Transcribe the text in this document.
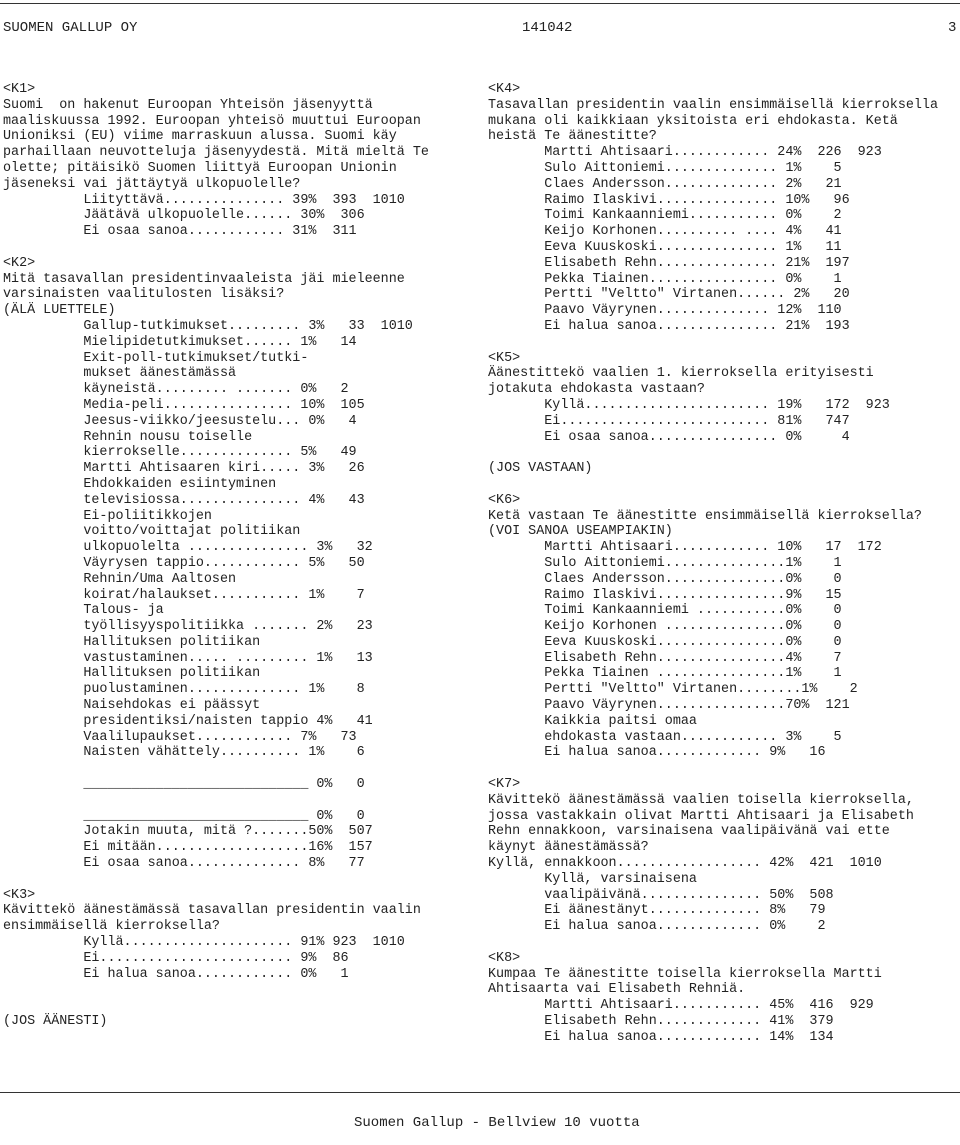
SUOMEN GALLUP OY	141042	3
<K1>
Suomi  on hakenut Euroopan Yhteisön jäsenyyttä
maaliskuussa 1992. Euroopan yhteisö muuttui Euroopan
Unioniksi (EU) viime marraskuun alussa. Suomi käy
parhaillaan neuvotteluja jäsenyydestä. Mitä mieltä Te
olette; pitäisikö Suomen liittyä Euroopan Unionin
jäseneksi vai jättäytyä ulkopuolelle?
Liityttävä............... 39%  393  1010
Jäätävä ulkopuolelle...... 30%  306
Ei osaa sanoa............ 31%  311
<K2>
Mitä tasavallan presidentinvaaleista jäi mieleenne
varsinaisten vaalitulosten lisäksi?
(ÄLÄ LUETTELE)
Gallup-tutkimukset......... 3%   33  1010
Mielipidetutkimukset...... 1%   14
Exit-poll-tutkimukset/tutki-
mukset äänestämässä
käyneistä......... ....... 0%   2
Media-peli................ 10%  105
Jeesus-viikko/jeesustelu... 0%   4
Rehnin nousu toiselle
kierrokselle.............. 5%   49
Martti Ahtisaaren kiri..... 3%   26
Ehdokkaiden esiintyminen
televisiossa............... 4%   43
Ei-poliitikkojen
voitto/voittajat politiikan
ulkopuolelta ............... 3%   32
Väyrysen tappio............ 5%   50
Rehnin/Uma Aaltosen
koirat/halaukset........... 1%    7
Talous- ja
työllisyyspolitiikka ....... 2%   23
Hallituksen politiikan
vastustaminen..... ......... 1%   13
Hallituksen politiikan
puolustaminen.............. 1%    8
Naisehdokas ei päässyt
presidentiksi/naisten tappio 4%   41
Vaalilupaukset............ 7%   73
Naisten vähättely.......... 1%    6
____________________________ 0%   0
____________________________ 0%   0
Jotakin muuta, mitä ?.......50%  507
Ei mitään...................16%  157
Ei osaa sanoa.............. 8%   77
<K3>
Kävittekö äänestämässä tasavallan presidentin vaalin
ensimmäisellä kierroksella?
Kyllä..................... 91% 923  1010
Ei........................ 9%  86
Ei halua sanoa............ 0%   1
(JOS ÄÄNESTI)
<K4>
Tasavallan presidentin vaalin ensimmäisellä kierroksella
mukana oli kaikkiaan yksitoista eri ehdokasta. Ketä
heistä Te äänestitte?
Martti Ahtisaari............ 24%  226  923
Sulo Aittoniemi.............. 1%    5
Claes Andersson.............. 2%   21
Raimo Ilaskivi............... 10%   96
Toimi Kankaanniemi........... 0%    2
Keijo Korhonen.......... .... 4%   41
Eeva Kuuskoski............... 1%   11
Elisabeth Rehn............... 21%  197
Pekka Tiainen................ 0%    1
Pertti "Veltto" Virtanen...... 2%   20
Paavo Väyrynen.............. 12%  110
Ei halua sanoa............... 21%  193
<K5>
Äänestittekö vaalien 1. kierroksella erityisesti
jotakuta ehdokasta vastaan?
Kyllä....................... 19%   172  923
Ei.......................... 81%   747
Ei osaa sanoa................ 0%     4
(JOS VASTAAN)
<K6>
Ketä vastaan Te äänestitte ensimmäisellä kierroksella?
(VOI SANOA USEAMPIAKIN)
Martti Ahtisaari............ 10%   17  172
Sulo Aittoniemi...............1%    1
Claes Andersson...............0%    0
Raimo Ilaskivi................9%   15
Toimi Kankaanniemi ...........0%    0
Keijo Korhonen ...............0%    0
Eeva Kuuskoski................0%    0
Elisabeth Rehn................4%    7
Pekka Tiainen ................1%    1
Pertti "Veltto" Virtanen........1%    2
Paavo Väyrynen................70%  121
Kaikkia paitsi omaa
ehdokasta vastaan............ 3%    5
Ei halua sanoa............. 9%   16
<K7>
Kävittekö äänestämässä vaalien toisella kierroksella,
jossa vastakkain olivat Martti Ahtisaari ja Elisabeth
Rehn ennakkoon, varsinaisena vaalipäivänä vai ette
käynyt äänestämässä?
Kyllä, ennakkoon.................. 42%  421  1010
Kyllä, varsinaisena
vaalipäivänä............... 50%  508
Ei äänestänyt.............. 8%   79
Ei halua sanoa............. 0%    2
<K8>
Kumpaa Te äänestitte toisella kierroksella Martti
Ahtisaarta vai Elisabeth Rehniä.
Martti Ahtisaari........... 45%  416  929
Elisabeth Rehn............. 41%  379
Ei halua sanoa............. 14%  134
Suomen Gallup - Bellview 10 vuotta
